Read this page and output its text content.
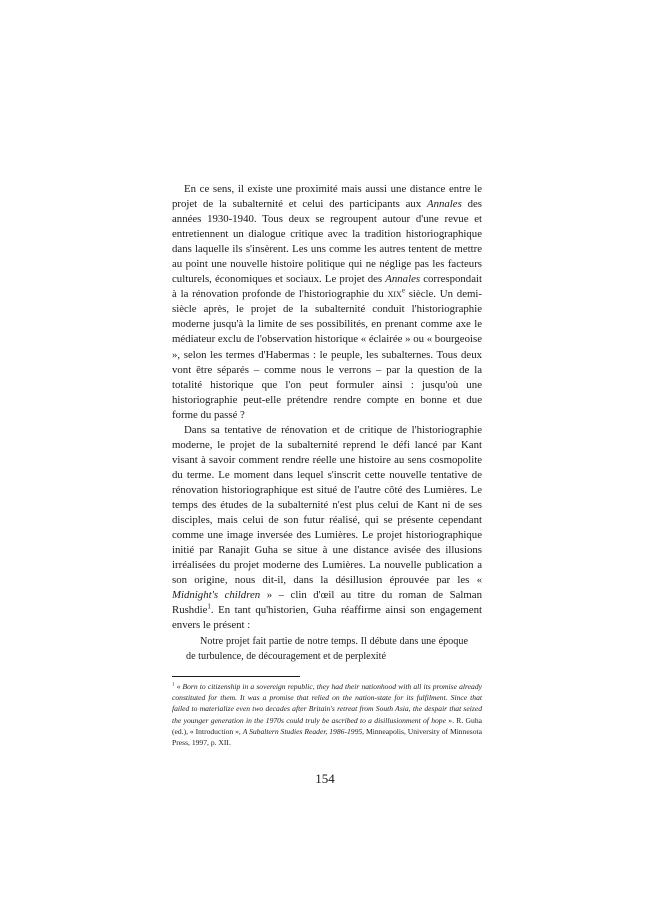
En ce sens, il existe une proximité mais aussi une distance entre le projet de la subalternité et celui des participants aux Annales des années 1930-1940. Tous deux se regroupent autour d'une revue et entretiennent un dialogue critique avec la tradition historiographique dans laquelle ils s'insèrent. Les uns comme les autres tentent de mettre au point une nouvelle histoire politique qui ne néglige pas les facteurs culturels, économiques et sociaux. Le projet des Annales correspondait à la rénovation profonde de l'historiographie du xix$^e$ siècle. Un demi-siècle après, le projet de la subalternité conduit l'historiographie moderne jusqu'à la limite de ses possibilités, en prenant comme axe le médiateur exclu de l'observation historique « éclairée » ou « bourgeoise », selon les termes d'Habermas : le peuple, les subalternes. Tous deux vont être séparés – comme nous le verrons – par la question de la totalité historique que l'on peut formuler ainsi : jusqu'où une historiographie peut-elle prétendre rendre compte en bonne et due forme du passé ?

Dans sa tentative de rénovation et de critique de l'historiographie moderne, le projet de la subalternité reprend le défi lancé par Kant visant à savoir comment rendre réelle une histoire au sens cosmopolite du terme. Le moment dans lequel s'inscrit cette nouvelle tentative de rénovation historiographique est situé de l'autre côté des Lumières. Le temps des études de la subalternité n'est plus celui de Kant ni de ses disciples, mais celui de son futur réalisé, qui se présente cependant comme une image inversée des Lumières. Le projet historiographique initié par Ranajit Guha se situe à une distance avisée des illusions irréalisées du projet moderne des Lumières. La nouvelle publication a son origine, nous dit-il, dans la désillusion éprouvée par les « Midnight's children » – clin d'œil au titre du roman de Salman Rushdie$^1$. En tant qu'historien, Guha réaffirme ainsi son engagement envers le présent :

Notre projet fait partie de notre temps. Il débute dans une époque de turbulence, de découragement et de perplexité

$^1$ « Born to citizenship in a sovereign republic, they had their nationhood with all its promise already constituted for them. It was a promise that relied on the nation-state for its fulfilment. Since that failed to materialize even two decades after Britain's retreat from South Asia, the despair that seized the younger generation in the 1970s could truly be ascribed to a disillusionment of hope ». R. Guha (ed.), « Introduction », A Subaltern Studies Reader, 1986-1995, Minneapolis, University of Minnesota Press, 1997, p. XII.

154
